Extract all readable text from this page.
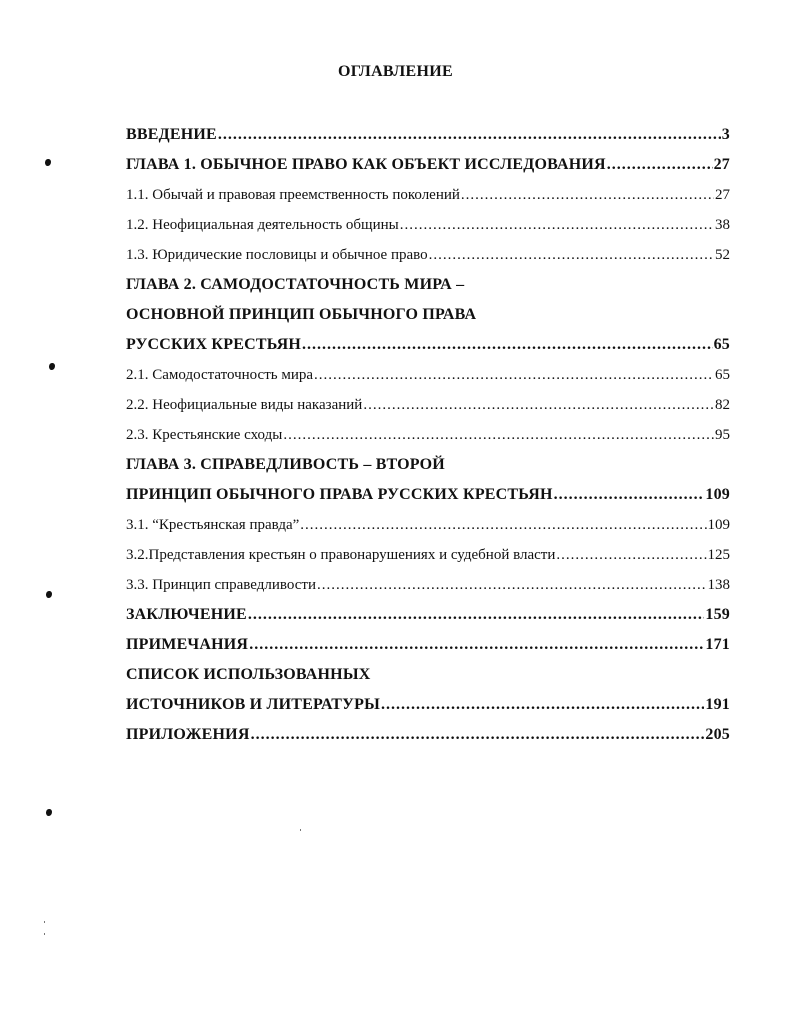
ОГЛАВЛЕНИЕ
ВВЕДЕНИЕ .....	3
ГЛАВА 1. ОБЫЧНОЕ ПРАВО КАК ОБЪЕКТ ИССЛЕДОВАНИЯ .....	27
1.1. Обычай и правовая преемственность поколений .....	27
1.2. Неофициальная деятельность общины .....	38
1.3. Юридические пословицы и обычное право .....	52
ГЛАВА 2. САМОДОСТАТОЧНОСТЬ МИРА –
ОСНОВНОЙ ПРИНЦИП ОБЫЧНОГО ПРАВА
РУССКИХ КРЕСТЬЯН .....	65
2.1. Самодостаточность мира .....	65
2.2. Неофициальные виды наказаний .....	82
2.3. Крестьянские сходы .....	95
ГЛАВА 3. СПРАВЕДЛИВОСТЬ – ВТОРОЙ
ПРИНЦИП ОБЫЧНОГО ПРАВА РУССКИХ КРЕСТЬЯН .....	109
3.1. “Крестьянская правда” .....	109
3.2.Представления крестьян о правонарушениях и судебной власти .....	125
3.3. Принцип справедливости .....	138
ЗАКЛЮЧЕНИЕ .....	159
ПРИМЕЧАНИЯ .....	171
СПИСОК ИСПОЛЬЗОВАННЫХ
ИСТОЧНИКОВ И ЛИТЕРАТУРЫ .....	191
ПРИЛОЖЕНИЯ .....	205
